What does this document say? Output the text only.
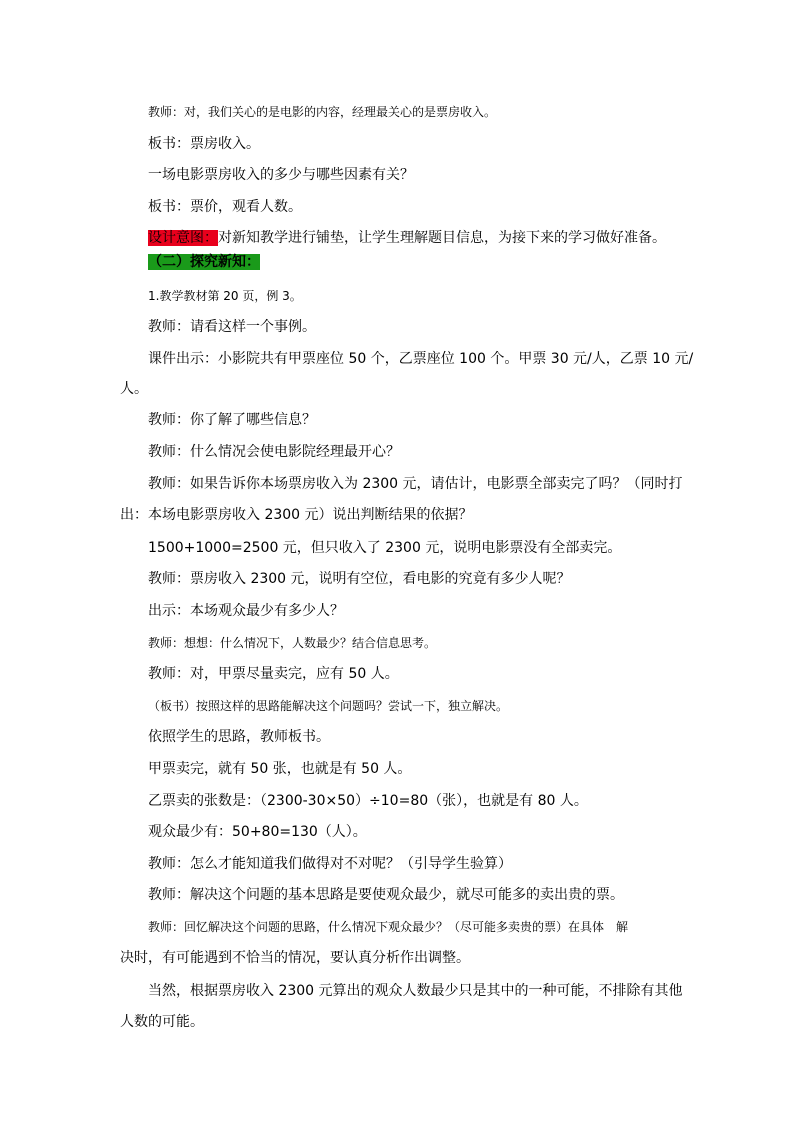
教师：对，我们关心的是电影的内容，经理最关心的是票房收入。
板书：票房收入。
一场电影票房收入的多少与哪些因素有关？
板书：票价，观看人数。
设计意图：对新知教学进行铺垫，让学生理解题目信息，为接下来的学习做好准备。
（二）探究新知：
1.教学教材第 20 页，例 3。
教师：请看这样一个事例。
课件出示：小影院共有甲票座位 50 个，乙票座位 100 个。甲票 30 元/人，乙票 10 元/
人。
教师：你了解了哪些信息？
教师：什么情况会使电影院经理最开心？
教师：如果告诉你本场票房收入为 2300 元，请估计，电影票全部卖完了吗？（同时打
出：本场电影票房收入 2300 元）说出判断结果的依据？
1500+1000=2500 元，但只收入了 2300 元，说明电影票没有全部卖完。
教师：票房收入 2300 元，说明有空位，看电影的究竟有多少人呢？
出示：本场观众最少有多少人？
教师：想想：什么情况下，人数最少？结合信息思考。
教师：对，甲票尽量卖完，应有 50 人。
（板书）按照这样的思路能解决这个问题吗？尝试一下，独立解决。
依照学生的思路，教师板书。
甲票卖完，就有 50 张，也就是有 50 人。
乙票卖的张数是：（2300-30×50）÷10=80（张），也就是有 80 人。
观众最少有：50+80=130（人）。
教师：怎么才能知道我们做得对不对呢？（引导学生验算）
教师：解决这个问题的基本思路是要使观众最少，就尽可能多的卖出贵的票。
教师：回忆解决这个问题的思路，什么情况下观众最少？（尽可能多卖贵的票）在具体　解
决时，有可能遇到不恰当的情况，要认真分析作出调整。
当然，根据票房收入 2300 元算出的观众人数最少只是其中的一种可能，不排除有其他
人数的可能。
